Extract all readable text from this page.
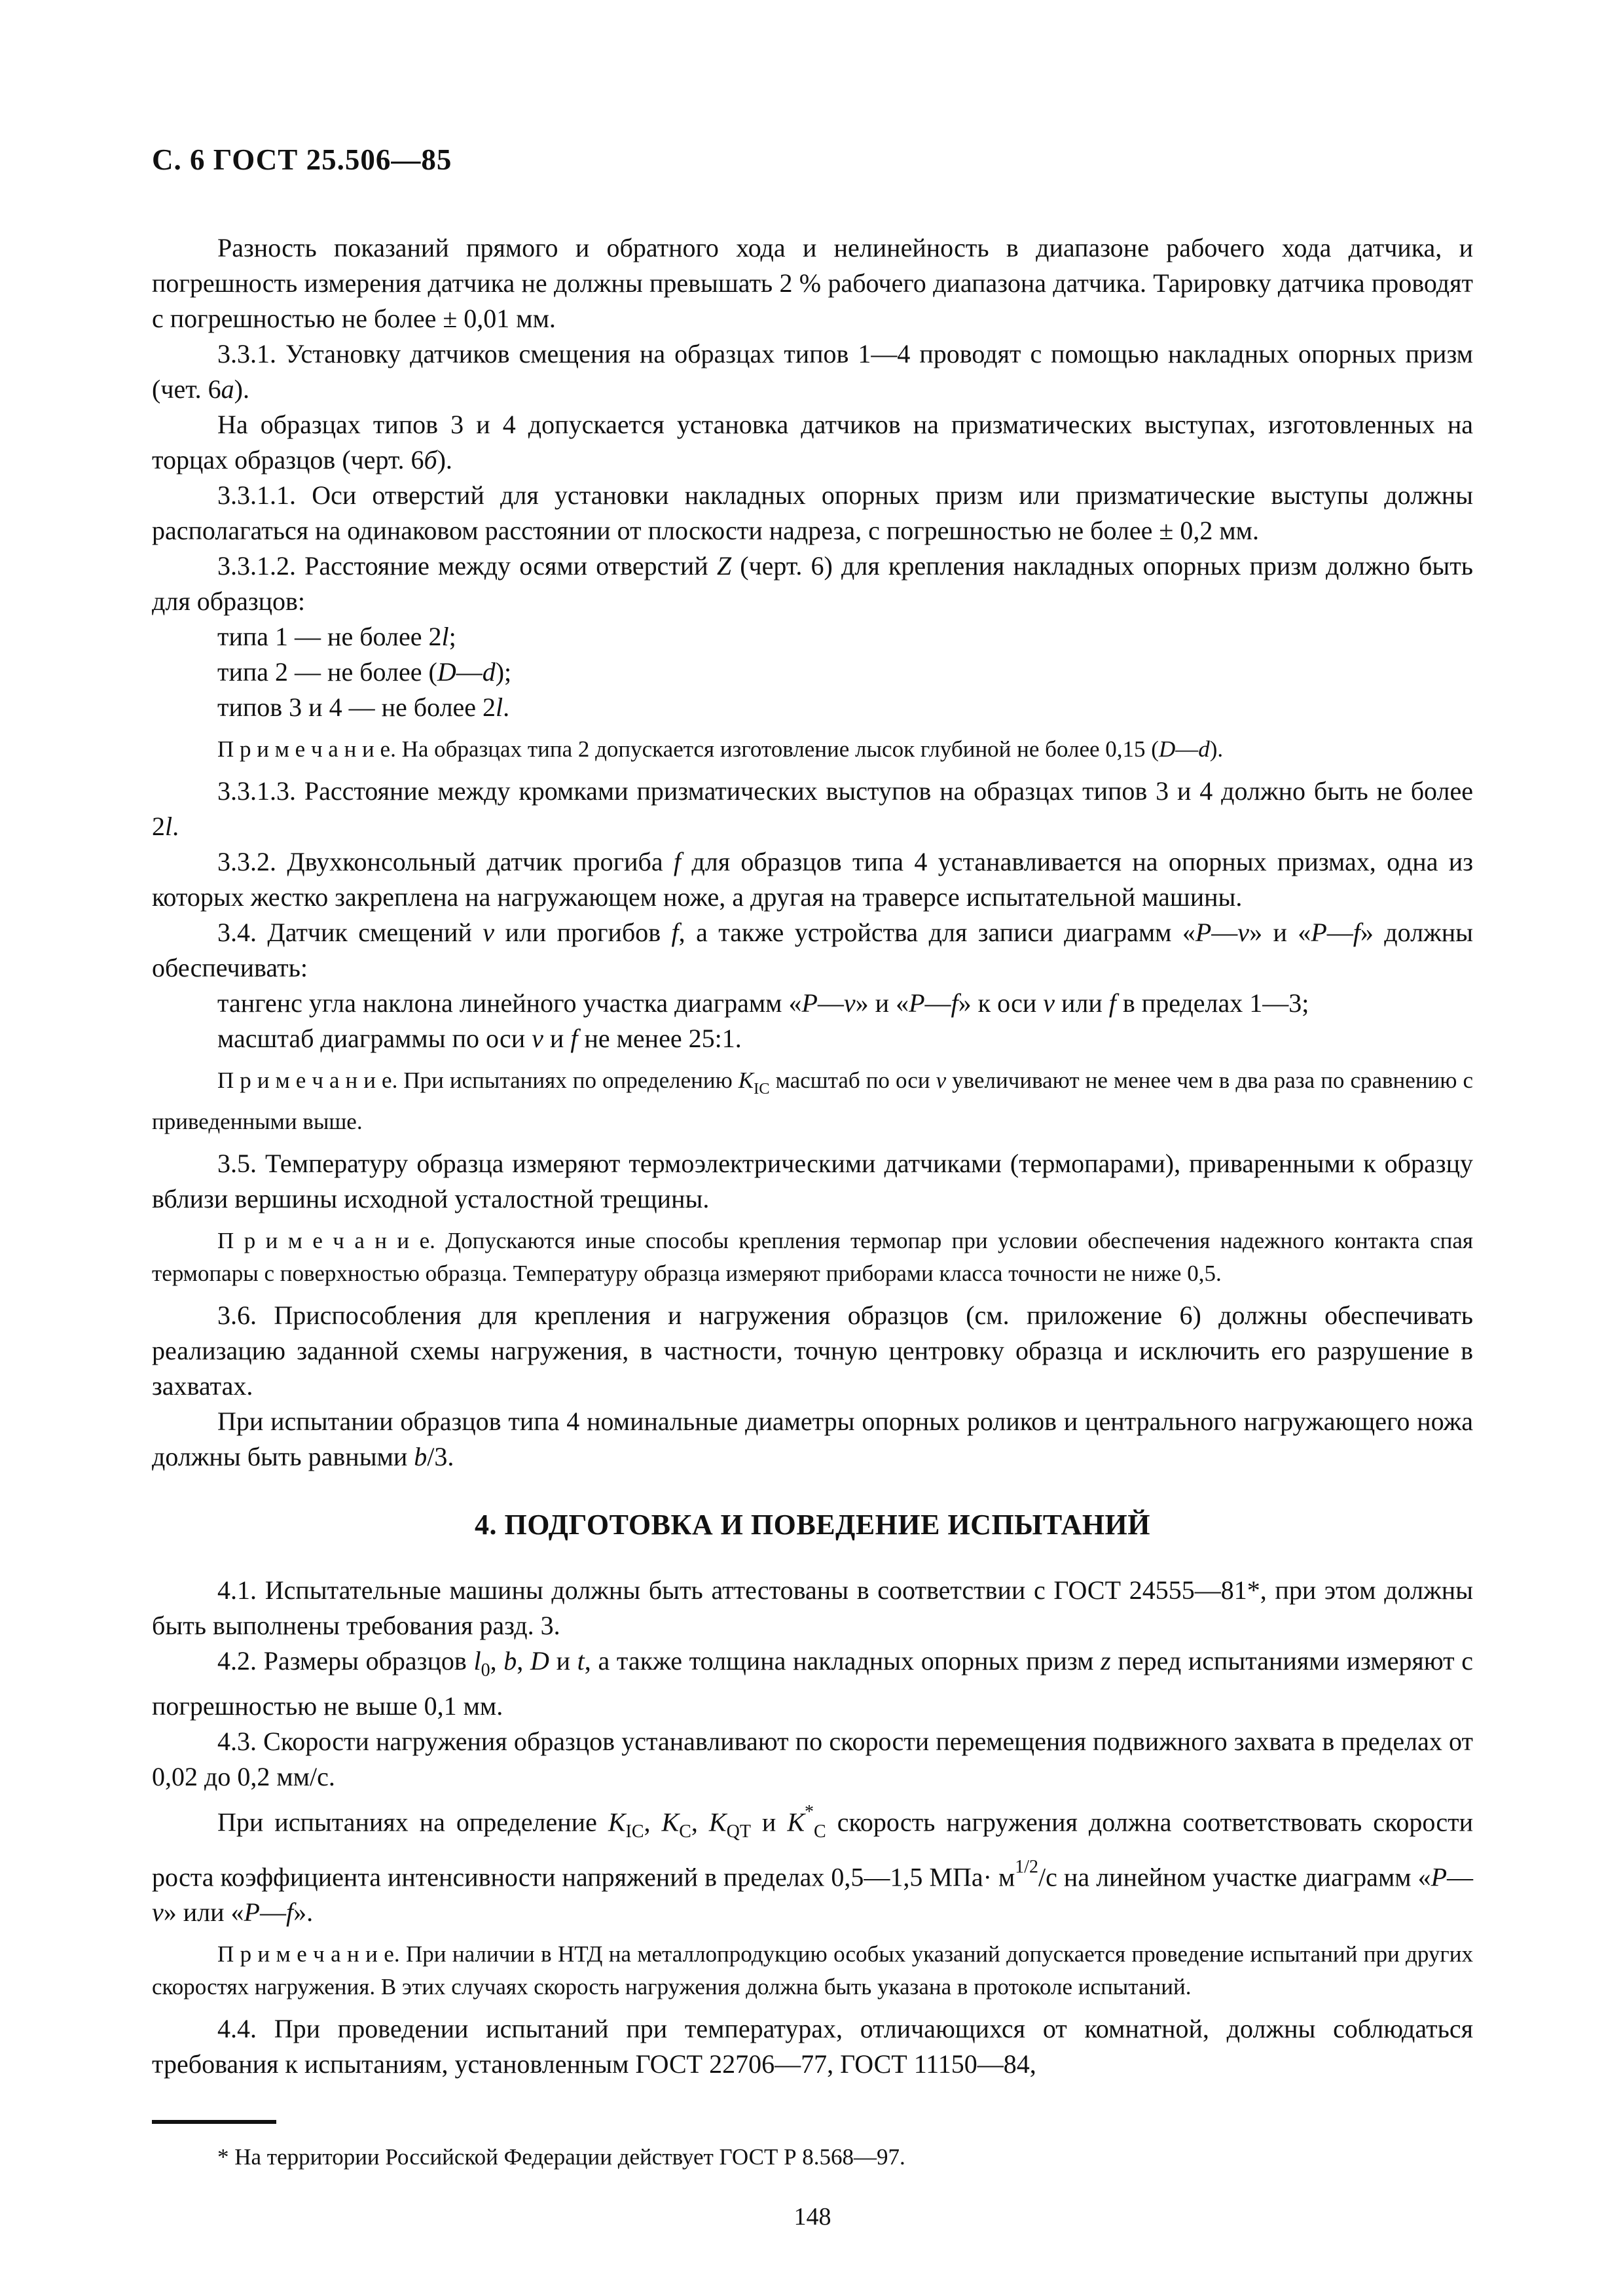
С. 6 ГОСТ 25.506—85

Разность показаний прямого и обратного хода и нелинейность в диапазоне рабочего хода датчика, и погрешность измерения датчика не должны превышать 2 % рабочего диапазона датчика. Тарировку датчика проводят с погрешностью не более ± 0,01 мм.

3.3.1. Установку датчиков смещения на образцах типов 1—4 проводят с помощью накладных опорных призм (чет. 6а).

На образцах типов 3 и 4 допускается установка датчиков на призматических выступах, изготовленных на торцах образцов (черт. 6б).

3.3.1.1. Оси отверстий для установки накладных опорных призм или призматические выступы должны располагаться на одинаковом расстоянии от плоскости надреза, с погрешностью не более ± 0,2 мм.

3.3.1.2. Расстояние между осями отверстий Z (черт. 6) для крепления накладных опорных призм должно быть для образцов:

типа 1 — не более 2l;

типа 2 — не более (D—d);

типов 3 и 4 — не более 2l.

П р и м е ч а н и е. На образцах типа 2 допускается изготовление лысок глубиной не более 0,15 (D—d).

3.3.1.3. Расстояние между кромками призматических выступов на образцах типов 3 и 4 должно быть не более 2l.

3.3.2. Двухконсольный датчик прогиба f для образцов типа 4 устанавливается на опорных призмах, одна из которых жестко закреплена на нагружающем ноже, а другая на траверсе испытательной машины.

3.4. Датчик смещений v или прогибов f, а также устройства для записи диаграмм «P—v» и «P—f» должны обеспечивать:

тангенс угла наклона линейного участка диаграмм «P—v» и «P—f» к оси v или f в пределах 1—3;

масштаб диаграммы по оси v и f не менее 25:1.

П р и м е ч а н и е. При испытаниях по определению $K_{IC}$ масштаб по оси v увеличивают не менее чем в два раза по сравнению с приведенными выше.

3.5. Температуру образца измеряют термоэлектрическими датчиками (термопарами), приваренными к образцу вблизи вершины исходной усталостной трещины.

П р и м е ч а н и е. Допускаются иные способы крепления термопар при условии обеспечения надежного контакта спая термопары с поверхностью образца. Температуру образца измеряют приборами класса точности не ниже 0,5.

3.6. Приспособления для крепления и нагружения образцов (см. приложение 6) должны обеспечивать реализацию заданной схемы нагружения, в частности, точную центровку образца и исключить его разрушение в захватах.

При испытании образцов типа 4 номинальные диаметры опорных роликов и центрального нагружающего ножа должны быть равными b/3.

4. ПОДГОТОВКА И ПОВЕДЕНИЕ ИСПЫТАНИЙ

4.1. Испытательные машины должны быть аттестованы в соответствии с ГОСТ 24555—81*, при этом должны быть выполнены требования разд. 3.

4.2. Размеры образцов $l_0$, b, D и t, а также толщина накладных опорных призм z перед испытаниями измеряют с погрешностью не выше 0,1 мм.

4.3. Скорости нагружения образцов устанавливают по скорости перемещения подвижного захвата в пределах от 0,02 до 0,2 мм/с.

При испытаниях на определение $K_{IC}$, $K_C$, $K_{QT}$ и $K^*_C$ скорость нагружения должна соответствовать скорости роста коэффициента интенсивности напряжений в пределах 0,5—1,5 $МПа\cdot м^{1/2}/с$ на линейном участке диаграмм «P—v» или «P—f».

П р и м е ч а н и е. При наличии в НТД на металлопродукцию особых указаний допускается проведение испытаний при других скоростях нагружения. В этих случаях скорость нагружения должна быть указана в протоколе испытаний.

4.4. При проведении испытаний при температурах, отличающихся от комнатной, должны соблюдаться требования к испытаниям, установленным ГОСТ 22706—77, ГОСТ 11150—84,

* На территории Российской Федерации действует ГОСТ Р 8.568—97.

148
